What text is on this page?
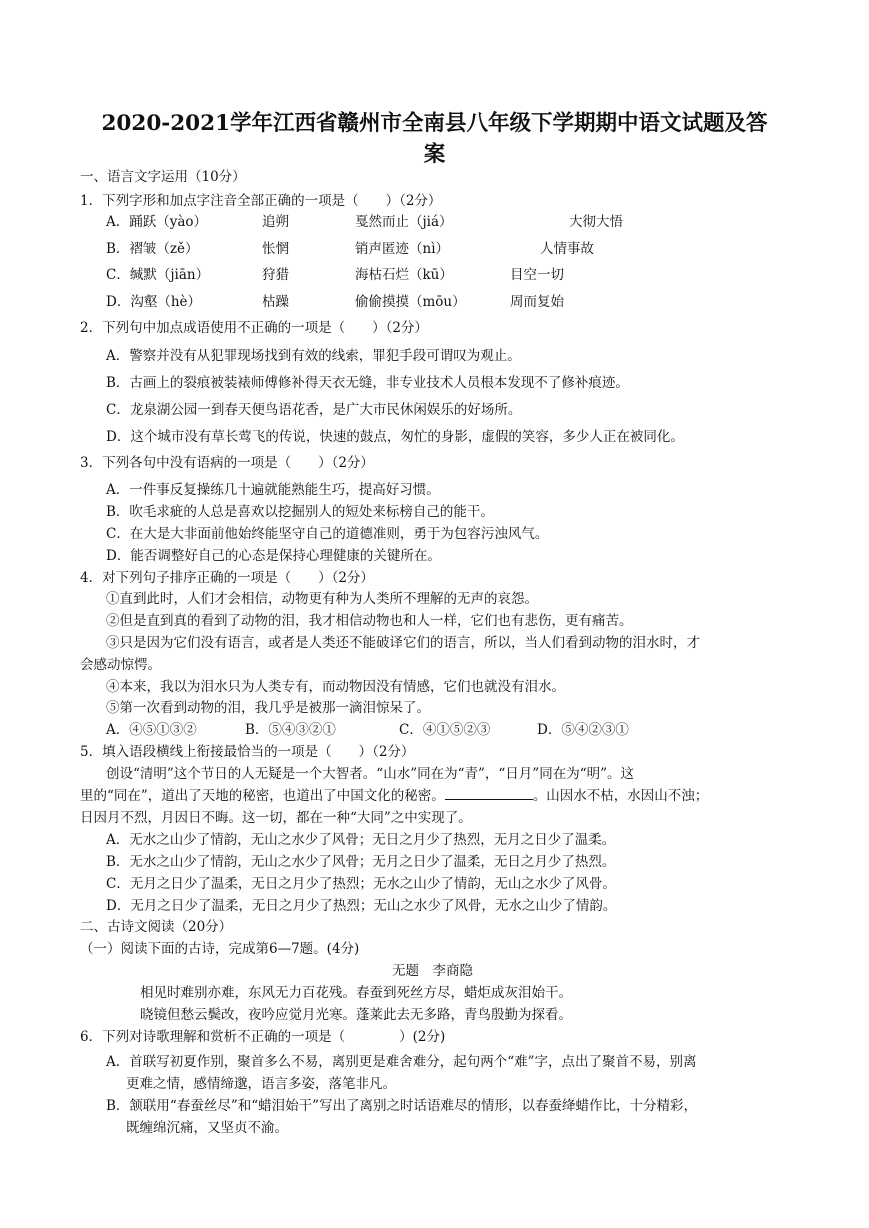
2020-2021学年江西省赣州市全南县八年级下学期期中语文试题及答
案
一、语言文字运用（10分）
1．下列字形和加点字注音全部正确的一项是（　　）（2分）
A．踊跃（yào）	追朔	戛然而止（jiá）	大彻大悟
B．褶皱（zě）	怅惘	销声匿迹（nì）	人情事故
C．缄默（jiān）	狩猎	海枯石烂（kū）	目空一切
D．沟壑（hè）	枯躁	偷偷摸摸（mōu）	周而复始
2．下列句中加点成语使用不正确的一项是（　　）（2分）
A．警察并没有从犯罪现场找到有效的线索，罪犯手段可谓叹为观止。
B．古画上的裂痕被装裱师傅修补得天衣无缝，非专业技术人员根本发现不了修补痕迹。
C．龙泉湖公园一到春天便鸟语花香，是广大市民休闲娱乐的好场所。
D．这个城市没有草长莺飞的传说，快速的鼓点，匆忙的身影，虚假的笑容，多少人正在被同化。
3．下列各句中没有语病的一项是（　　）（2分）
A．一件事反复操练几十遍就能熟能生巧，提高好习惯。
B．吹毛求疵的人总是喜欢以挖掘别人的短处来标榜自己的能干。
C．在大是大非面前他始终能坚守自己的道德准则，勇于为包容污浊风气。
D．能否调整好自己的心态是保持心理健康的关键所在。
4．对下列句子排序正确的一项是（　　）（2分）
①直到此时，人们才会相信，动物更有种为人类所不理解的无声的哀怨。
②但是直到真的看到了动物的泪，我才相信动物也和人一样，它们也有悲伤，更有痛苦。
③只是因为它们没有语言，或者是人类还不能破译它们的语言，所以，当人们看到动物的泪水时，才
会感动惊愕。
④本来，我以为泪水只为人类专有，而动物因没有情感，它们也就没有泪水。
⑤第一次看到动物的泪，我几乎是被那一滴泪惊呆了。
A．④⑤①③②	B．⑤④③②①	C．④①⑤②③	D．⑤④②③①
5．填入语段横线上衔接最恰当的一项是（　　）（2分）
创设“清明”这个节日的人无疑是一个大智者。“山水”同在为“青”，“日月”同在为“明”。这
里的“同在”，道出了天地的秘密，也道出了中国文化的秘密。	。山因水不枯，水因山不浊；
日因月不烈，月因日不晦。这一切，都在一种“大同”之中实现了。
A．无水之山少了情韵，无山之水少了风骨；无日之月少了热烈，无月之日少了温柔。
B．无水之山少了情韵，无山之水少了风骨；无月之日少了温柔，无日之月少了热烈。
C．无月之日少了温柔，无日之月少了热烈；无水之山少了情韵，无山之水少了风骨。
D．无月之日少了温柔，无日之月少了热烈；无山之水少了风骨，无水之山少了情韵。
二、古诗文阅读（20分）
（一）阅读下面的古诗，完成第6—7题。(4分)
无题　李商隐
相见时难别亦难，东风无力百花残。春蚕到死丝方尽，蜡炬成灰泪始干。
晓镜但愁云鬓改，夜吟应觉月光寒。蓬莱此去无多路，青鸟殷勤为探看。
6．下列对诗歌理解和赏析不正确的一项是（　　　　）(2分)
A．首联写初夏作别，聚首多么不易，离别更是难舍难分，起句两个“难”字，点出了聚首不易，别离
更难之情，感情缔邈，语言多姿，落笔非凡。
B．颔联用“春蚕丝尽”和“蜡泪始干”写出了离别之时话语难尽的情形，以春蚕绛蜡作比，十分精彩，
既缠绵沉痛，又坚贞不渝。
